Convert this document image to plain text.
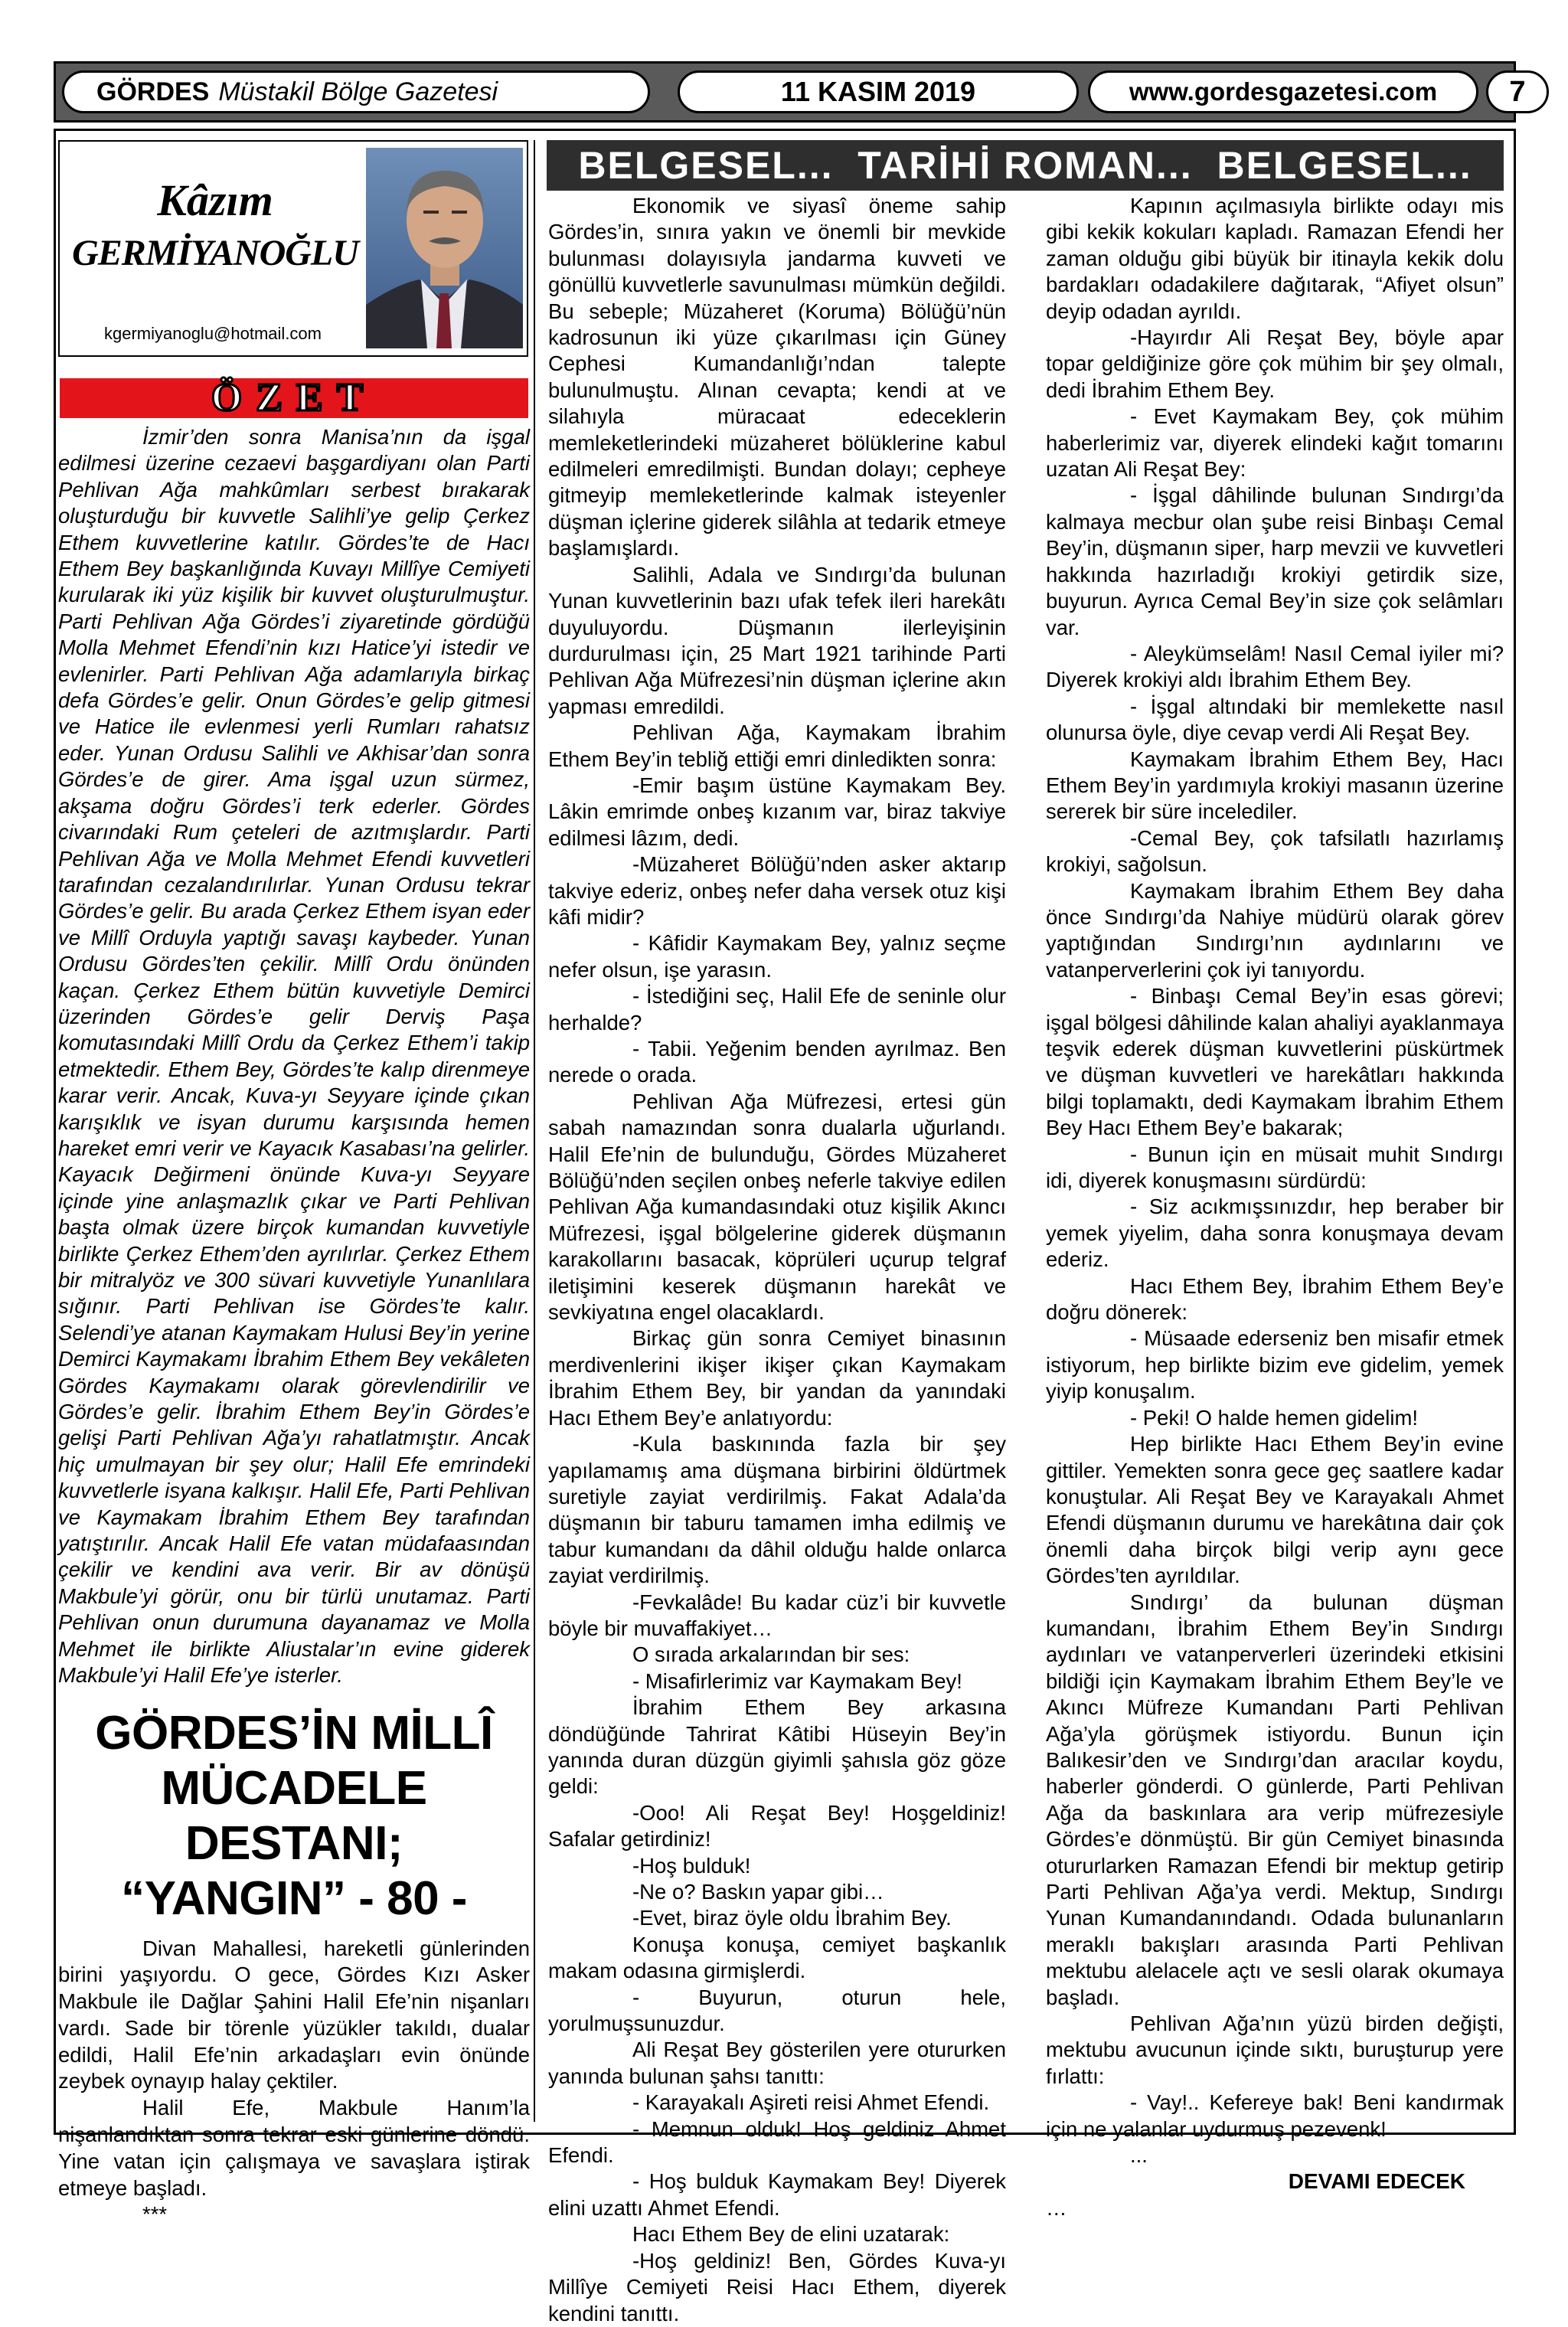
GÖRDES Müstakil Bölge Gazetesi	11 KASIM 2019	www.gordesgazetesi.com	7
Kâzım
GERMİYANOĞLU
kgermiyanoglu@hotmail.com
ÖZET

İzmir’den sonra Manisa’nın da işgal edilmesi üzerine cezaevi başgardiyanı olan Parti Pehlivan Ağa mahkûmları serbest bırakarak oluşturduğu bir kuvvetle Salihli’ye gelip Çerkez Ethem kuvvetlerine katılır. Gördes’te de Hacı Ethem Bey başkanlığında Kuvayı Millîye Cemiyeti kurularak iki yüz kişilik bir kuvvet oluşturulmuştur. Parti Pehlivan Ağa Gördes’i ziyaretinde gördüğü Molla Mehmet Efendi’nin kızı Hatice’yi istedir ve evlenirler. Parti Pehlivan Ağa adamlarıyla birkaç defa Gördes’e gelir. Onun Gördes’e gelip gitmesi ve Hatice ile evlenmesi yerli Rumları rahatsız eder. Yunan Ordusu Salihli ve Akhisar’dan sonra Gördes’e de girer. Ama işgal uzun sürmez, akşama doğru Gördes’i terk ederler. Gördes civarındaki Rum çeteleri de azıtmışlardır. Parti Pehlivan Ağa ve Molla Mehmet Efendi kuvvetleri tarafından cezalandırılırlar. Yunan Ordusu tekrar Gördes’e gelir. Bu arada Çerkez Ethem isyan eder ve Millî Orduyla yaptığı savaşı kaybeder. Yunan Ordusu Gördes’ten çekilir. Millî Ordu önünden kaçan. Çerkez Ethem bütün kuvvetiyle Demirci üzerinden Gördes’e gelir Derviş Paşa komutasındaki Millî Ordu da Çerkez Ethem’i takip etmektedir. Ethem Bey, Gördes’te kalıp direnmeye karar verir. Ancak, Kuva-yı Seyyare içinde çıkan karışıklık ve isyan durumu karşısında hemen hareket emri verir ve Kayacık Kasabası’na gelirler. Kayacık Değirmeni önünde Kuva-yı Seyyare içinde yine anlaşmazlık çıkar ve Parti Pehlivan başta olmak üzere birçok kumandan kuvvetiyle birlikte Çerkez Ethem’den ayrılırlar. Çerkez Ethem bir mitralyöz ve 300 süvari kuvvetiyle Yunanlılara sığınır. Parti Pehlivan ise Gördes’te kalır. Selendi’ye atanan Kaymakam Hulusi Bey’in yerine Demirci Kaymakamı İbrahim Ethem Bey vekâleten Gördes Kaymakamı olarak görevlendirilir ve Gördes’e gelir. İbrahim Ethem Bey’in Gördes’e gelişi Parti Pehlivan Ağa’yı rahatlatmıştır. Ancak hiç umulmayan bir şey olur; Halil Efe emrindeki kuvvetlerle isyana kalkışır. Halil Efe, Parti Pehlivan ve Kaymakam İbrahim Ethem Bey tarafından yatıştırılır. Ancak Halil Efe vatan müdafaasından çekilir ve kendini ava verir. Bir av dönüşü Makbule’yi görür, onu bir türlü unutamaz. Parti Pehlivan onun durumuna dayanamaz ve Molla Mehmet ile birlikte Aliustalar’ın evine giderek Makbule’yi Halil Efe’ye isterler.

GÖRDES’İN MİLLÎ
MÜCADELE DESTANI;
“YANGIN” - 80 -

Divan Mahallesi, hareketli günlerinden birini yaşıyordu. O gece, Gördes Kızı Asker Makbule ile Dağlar Şahini Halil Efe’nin nişanları vardı. Sade bir törenle yüzükler takıldı, dualar edildi, Halil Efe’nin arkadaşları evin önünde zeybek oynayıp halay çektiler.

Halil Efe, Makbule Hanım’la nişanlandıktan sonra tekrar eski günlerine döndü. Yine vatan için çalışmaya ve savaşlara iştirak etmeye başladı.

***

BELGESEL...  TARİHİ ROMAN...  BELGESEL...

Ekonomik ve siyasî öneme sahip Gördes’in, sınıra yakın ve önemli bir mevkide bulunması dolayısıyla jandarma kuvveti ve gönüllü kuvvetlerle savunulması mümkün değildi. Bu sebeple; Müzaheret (Koruma) Bölüğü’nün kadrosunun iki yüze çıkarılması için Güney Cephesi Kumandanlığı’ndan talepte bulunulmuştu. Alınan cevapta; kendi at ve silahıyla müracaat edeceklerin memleketlerindeki müzaheret bölüklerine kabul edilmeleri emredilmişti. Bundan dolayı; cepheye gitmeyip memleketlerinde kalmak isteyenler düşman içlerine giderek silâhla at tedarik etmeye başlamışlardı.

Salihli, Adala ve Sındırgı’da bulunan Yunan kuvvetlerinin bazı ufak tefek ileri harekâtı duyuluyordu. Düşmanın ilerleyişinin durdurulması için, 25 Mart 1921 tarihinde Parti Pehlivan Ağa Müfrezesi’nin düşman içlerine akın yapması emredildi.

Pehlivan Ağa, Kaymakam İbrahim Ethem Bey’in tebliğ ettiği emri dinledikten sonra:

-Emir başım üstüne Kaymakam Bey. Lâkin emrimde onbeş kızanım var, biraz takviye edilmesi lâzım, dedi.

-Müzaheret Bölüğü’nden asker aktarıp takviye ederiz, onbeş nefer daha versek otuz kişi kâfi midir?

- Kâfidir Kaymakam Bey, yalnız seçme nefer olsun, işe yarasın.

- İstediğini seç, Halil Efe de seninle olur herhalde?

- Tabii. Yeğenim benden ayrılmaz. Ben nerede o orada.

Pehlivan Ağa Müfrezesi, ertesi gün sabah namazından sonra dualarla uğurlandı. Halil Efe’nin de bulunduğu, Gördes Müzaheret Bölüğü’nden seçilen onbeş neferle takviye edilen Pehlivan Ağa kumandasındaki otuz kişilik Akıncı Müfrezesi, işgal bölgelerine giderek düşmanın karakollarını basacak, köprüleri uçurup telgraf iletişimini keserek düşmanın harekât ve sevkiyatına engel olacaklardı.

Birkaç gün sonra Cemiyet binasının merdivenlerini ikişer ikişer çıkan Kaymakam İbrahim Ethem Bey, bir yandan da yanındaki Hacı Ethem Bey’e anlatıyordu:

-Kula baskınında fazla bir şey yapılamamış ama düşmana birbirini öldürtmek suretiyle zayiat verdirilmiş. Fakat Adala’da düşmanın bir taburu tamamen imha edilmiş ve tabur kumandanı da dâhil olduğu halde onlarca zayiat verdirilmiş.

-Fevkalâde! Bu kadar cüz’i bir kuvvetle böyle bir muvaffakiyet…

O sırada arkalarından bir ses:

- Misafirlerimiz var Kaymakam Bey!

İbrahim Ethem Bey arkasına döndüğünde Tahrirat Kâtibi Hüseyin Bey’in yanında duran düzgün giyimli şahısla göz göze geldi:

-Ooo! Ali Reşat Bey! Hoşgeldiniz! Safalar getirdiniz!

-Hoş bulduk!

-Ne o? Baskın yapar gibi…

-Evet, biraz öyle oldu İbrahim Bey.

Konuşa konuşa, cemiyet başkanlık makam odasına girmişlerdi.

- Buyurun, oturun hele, yorulmuşsunuzdur.

Ali Reşat Bey gösterilen yere otururken yanında bulunan şahsı tanıttı:

- Karayakalı Aşireti reisi Ahmet Efendi.

- Memnun olduk! Hoş geldiniz Ahmet Efendi.

- Hoş bulduk Kaymakam Bey! Diyerek elini uzattı Ahmet Efendi.

Hacı Ethem Bey de elini uzatarak:

-Hoş geldiniz! Ben, Gördes Kuva-yı Millîye Cemiyeti Reisi Hacı Ethem, diyerek kendini tanıttı.

Kapının açılmasıyla birlikte odayı mis gibi kekik kokuları kapladı. Ramazan Efendi her zaman olduğu gibi büyük bir itinayla kekik dolu bardakları odadakilere dağıtarak, “Afiyet olsun” deyip odadan ayrıldı.

-Hayırdır Ali Reşat Bey, böyle apar topar geldiğinize göre çok mühim bir şey olmalı, dedi İbrahim Ethem Bey.

- Evet Kaymakam Bey, çok mühim haberlerimiz var, diyerek elindeki kağıt tomarını uzatan Ali Reşat Bey:

- İşgal dâhilinde bulunan Sındırgı’da kalmaya mecbur olan şube reisi Binbaşı Cemal Bey’in, düşmanın siper, harp mevzii ve kuvvetleri hakkında hazırladığı krokiyi getirdik size, buyurun. Ayrıca Cemal Bey’in size çok selâmları var.

- Aleykümselâm! Nasıl Cemal iyiler mi? Diyerek krokiyi aldı İbrahim Ethem Bey.

- İşgal altındaki bir memlekette nasıl olunursa öyle, diye cevap verdi Ali Reşat Bey.

Kaymakam İbrahim Ethem Bey, Hacı Ethem Bey’in yardımıyla krokiyi masanın üzerine sererek bir süre incelediler.

-Cemal Bey, çok tafsilatlı hazırlamış krokiyi, sağolsun.

Kaymakam İbrahim Ethem Bey daha önce Sındırgı’da Nahiye müdürü olarak görev yaptığından Sındırgı’nın aydınlarını ve vatanperverlerini çok iyi tanıyordu.

- Binbaşı Cemal Bey’in esas görevi; işgal bölgesi dâhilinde kalan ahaliyi ayaklanmaya teşvik ederek düşman kuvvetlerini püskürtmek ve düşman kuvvetleri ve harekâtları hakkında bilgi toplamaktı, dedi Kaymakam İbrahim Ethem Bey Hacı Ethem Bey’e bakarak;

- Bunun için en müsait muhit Sındırgı idi, diyerek konuşmasını sürdürdü:

- Siz acıkmışsınızdır, hep beraber bir yemek yiyelim, daha sonra konuşmaya devam ederiz.

Hacı Ethem Bey, İbrahim Ethem Bey’e doğru dönerek:

- Müsaade ederseniz ben misafir etmek istiyorum, hep birlikte bizim eve gidelim, yemek yiyip konuşalım.

- Peki! O halde hemen gidelim!

Hep birlikte Hacı Ethem Bey’in evine gittiler. Yemekten sonra gece geç saatlere kadar konuştular. Ali Reşat Bey ve Karayakalı Ahmet Efendi düşmanın durumu ve harekâtına dair çok önemli daha birçok bilgi verip aynı gece Gördes’ten ayrıldılar.

Sındırgı’ da bulunan düşman kumandanı, İbrahim Ethem Bey’in Sındırgı aydınları ve vatanperverleri üzerindeki etkisini bildiği için Kaymakam İbrahim Ethem Bey’le ve Akıncı Müfreze Kumandanı Parti Pehlivan Ağa’yla görüşmek istiyordu. Bunun için Balıkesir’den ve Sındırgı’dan aracılar koydu, haberler gönderdi. O günlerde, Parti Pehlivan Ağa da baskınlara ara verip müfrezesiyle Gördes’e dönmüştü. Bir gün Cemiyet binasında otururlarken Ramazan Efendi bir mektup getirip Parti Pehlivan Ağa’ya verdi. Mektup, Sındırgı Yunan Kumandanındandı. Odada bulunanların meraklı bakışları arasında Parti Pehlivan mektubu alelacele açtı ve sesli olarak okumaya başladı.

Pehlivan Ağa’nın yüzü birden değişti, mektubu avucunun içinde sıktı, buruşturup yere fırlattı:

- Vay!.. Kefereye bak! Beni kandırmak için ne yalanlar uydurmuş pezevenk!

...

DEVAMI EDECEK

…
